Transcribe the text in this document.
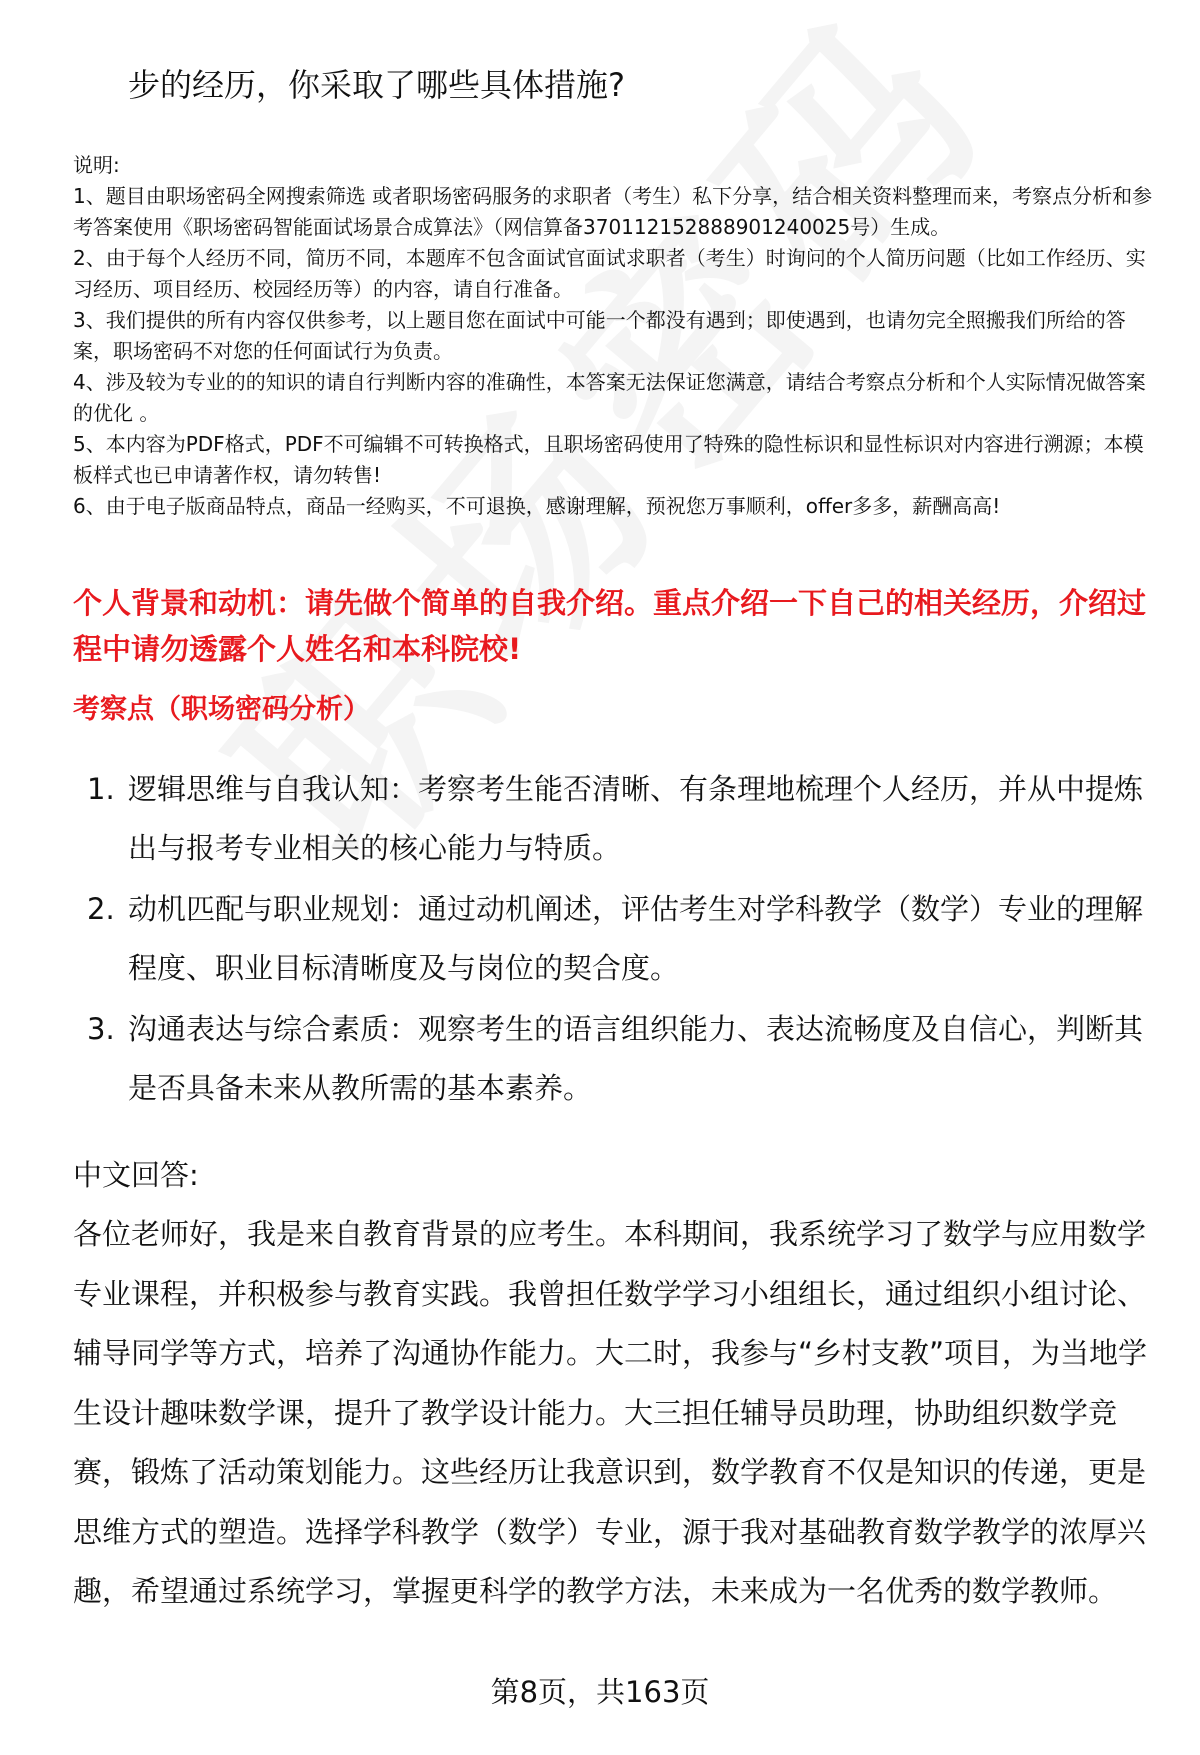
步的经历，你采取了哪些具体措施?

说明:

1、题目由职场密码全网搜索筛选 或者职场密码服务的求职者（考生）私下分享，结合相关资料整理而来，考察点分析和参考答案使用《职场密码智能面试场景合成算法》（网信算备370112152888901240025号）生成。

2、由于每个人经历不同，简历不同，本题库不包含面试官面试求职者（考生）时询问的个人简历问题（比如工作经历、实习经历、项目经历、校园经历等）的内容，请自行准备。

3、我们提供的所有内容仅供参考，以上题目您在面试中可能一个都没有遇到；即使遇到，也请勿完全照搬我们所给的答案，职场密码不对您的任何面试行为负责。

4、涉及较为专业的的知识的请自行判断内容的准确性，本答案无法保证您满意，请结合考察点分析和个人实际情况做答案的优化 。

5、本内容为PDF格式，PDF不可编辑不可转换格式，且职场密码使用了特殊的隐性标识和显性标识对内容进行溯源；本模板样式也已申请著作权，请勿转售!

6、由于电子版商品特点，商品一经购买，不可退换，感谢理解，预祝您万事顺利，offer多多，薪酬高高!

个人背景和动机：请先做个简单的自我介绍。重点介绍一下自己的相关经历，介绍过程中请勿透露个人姓名和本科院校!
考察点（职场密码分析）
1. 逻辑思维与自我认知：考察考生能否清晰、有条理地梳理个人经历，并从中提炼出与报考专业相关的核心能力与特质。
2. 动机匹配与职业规划：通过动机阐述，评估考生对学科教学（数学）专业的理解程度、职业目标清晰度及与岗位的契合度。
3. 沟通表达与综合素质：观察考生的语言组织能力、表达流畅度及自信心，判断其是否具备未来从教所需的基本素养。
中文回答:

各位老师好，我是来自教育背景的应考生。本科期间，我系统学习了数学与应用数学专业课程，并积极参与教育实践。我曾担任数学学习小组组长，通过组织小组讨论、辅导同学等方式，培养了沟通协作能力。大二时，我参与“乡村支教”项目，为当地学生设计趣味数学课，提升了教学设计能力。大三担任辅导员助理，协助组织数学竞赛，锻炼了活动策划能力。这些经历让我意识到，数学教育不仅是知识的传递，更是思维方式的塑造。选择学科教学（数学）专业，源于我对基础教育数学教学的浓厚兴趣，希望通过系统学习，掌握更科学的教学方法，未来成为一名优秀的数学教师。

第8页，共163页
